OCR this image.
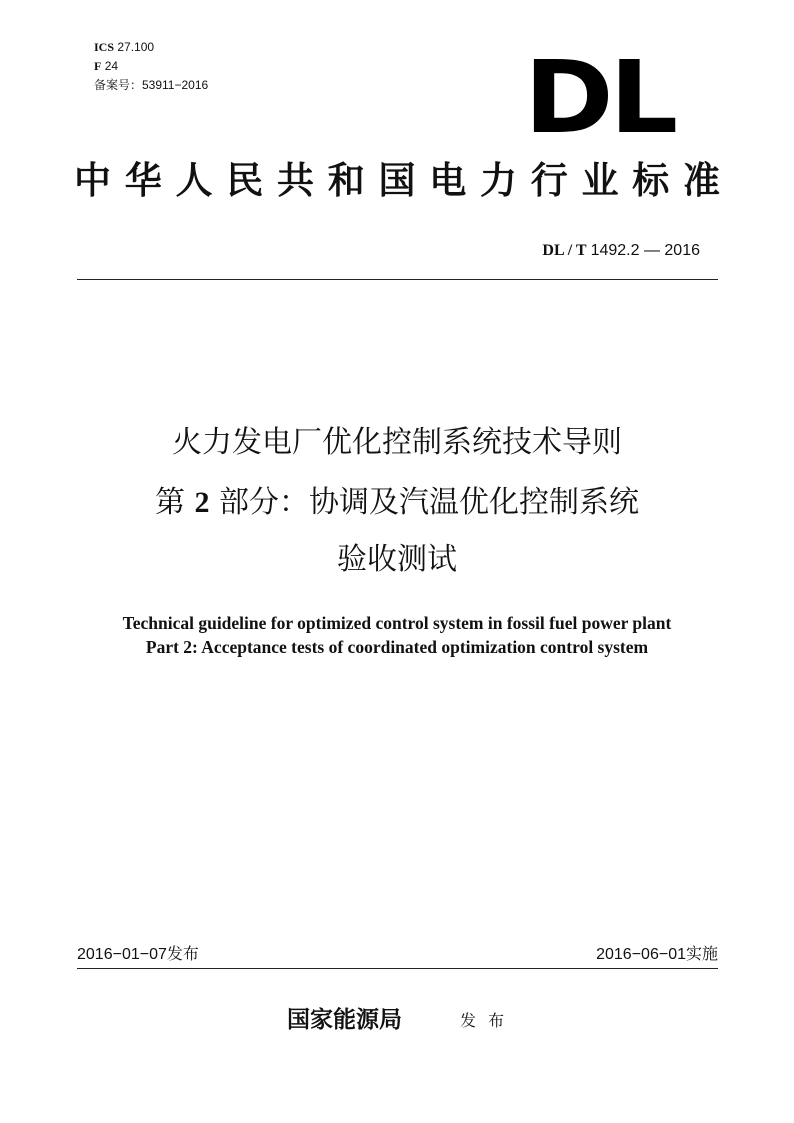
ICS 27.100
F 24
备案号：53911−2016	DL
中华人民共和国电力行业标准
DL / T 1492.2 — 2016
火力发电厂优化控制系统技术导则
第 2 部分：协调及汽温优化控制系统
验收测试
Technical guideline for optimized control system in fossil fuel power plant
Part 2: Acceptance tests of coordinated optimization control system
2016−01−07发布	2016−06−01实施
国家能源局	发布
